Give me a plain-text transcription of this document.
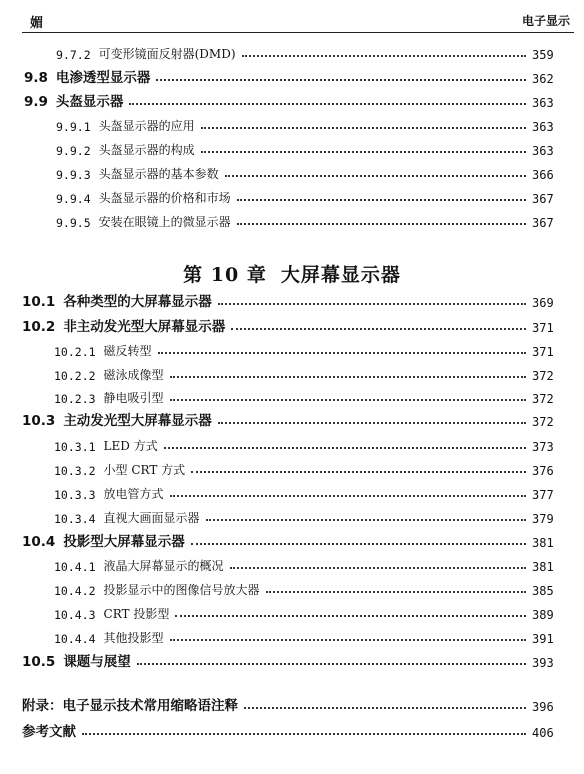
媚	电子显示
第 10 章 大屏幕显示器
9.7.2 可变形镜面反射器(DMD)	359
9.8 电渗透型显示器	362
9.9 头盔显示器	363
9.9.1 头盔显示器的应用	363
9.9.2 头盔显示器的构成	363
9.9.3 头盔显示器的基本参数	366
9.9.4 头盔显示器的价格和市场	367
9.9.5 安装在眼镜上的微显示器	367
10.1 各种类型的大屏幕显示器	369
10.2 非主动发光型大屏幕显示器	371
10.2.1 磁反转型	371
10.2.2 磁泳成像型	372
10.2.3 静电吸引型	372
10.3 主动发光型大屏幕显示器	372
10.3.1 LED 方式	373
10.3.2 小型 CRT 方式	376
10.3.3 放电管方式	377
10.3.4 直视大画面显示器	379
10.4 投影型大屏幕显示器	381
10.4.1 液晶大屏幕显示的概况	381
10.4.2 投影显示中的图像信号放大器	385
10.4.3 CRT 投影型	389
10.4.4 其他投影型	391
10.5 课题与展望	393
附录：电子显示技术常用缩略语注释	396
参考文献	406
